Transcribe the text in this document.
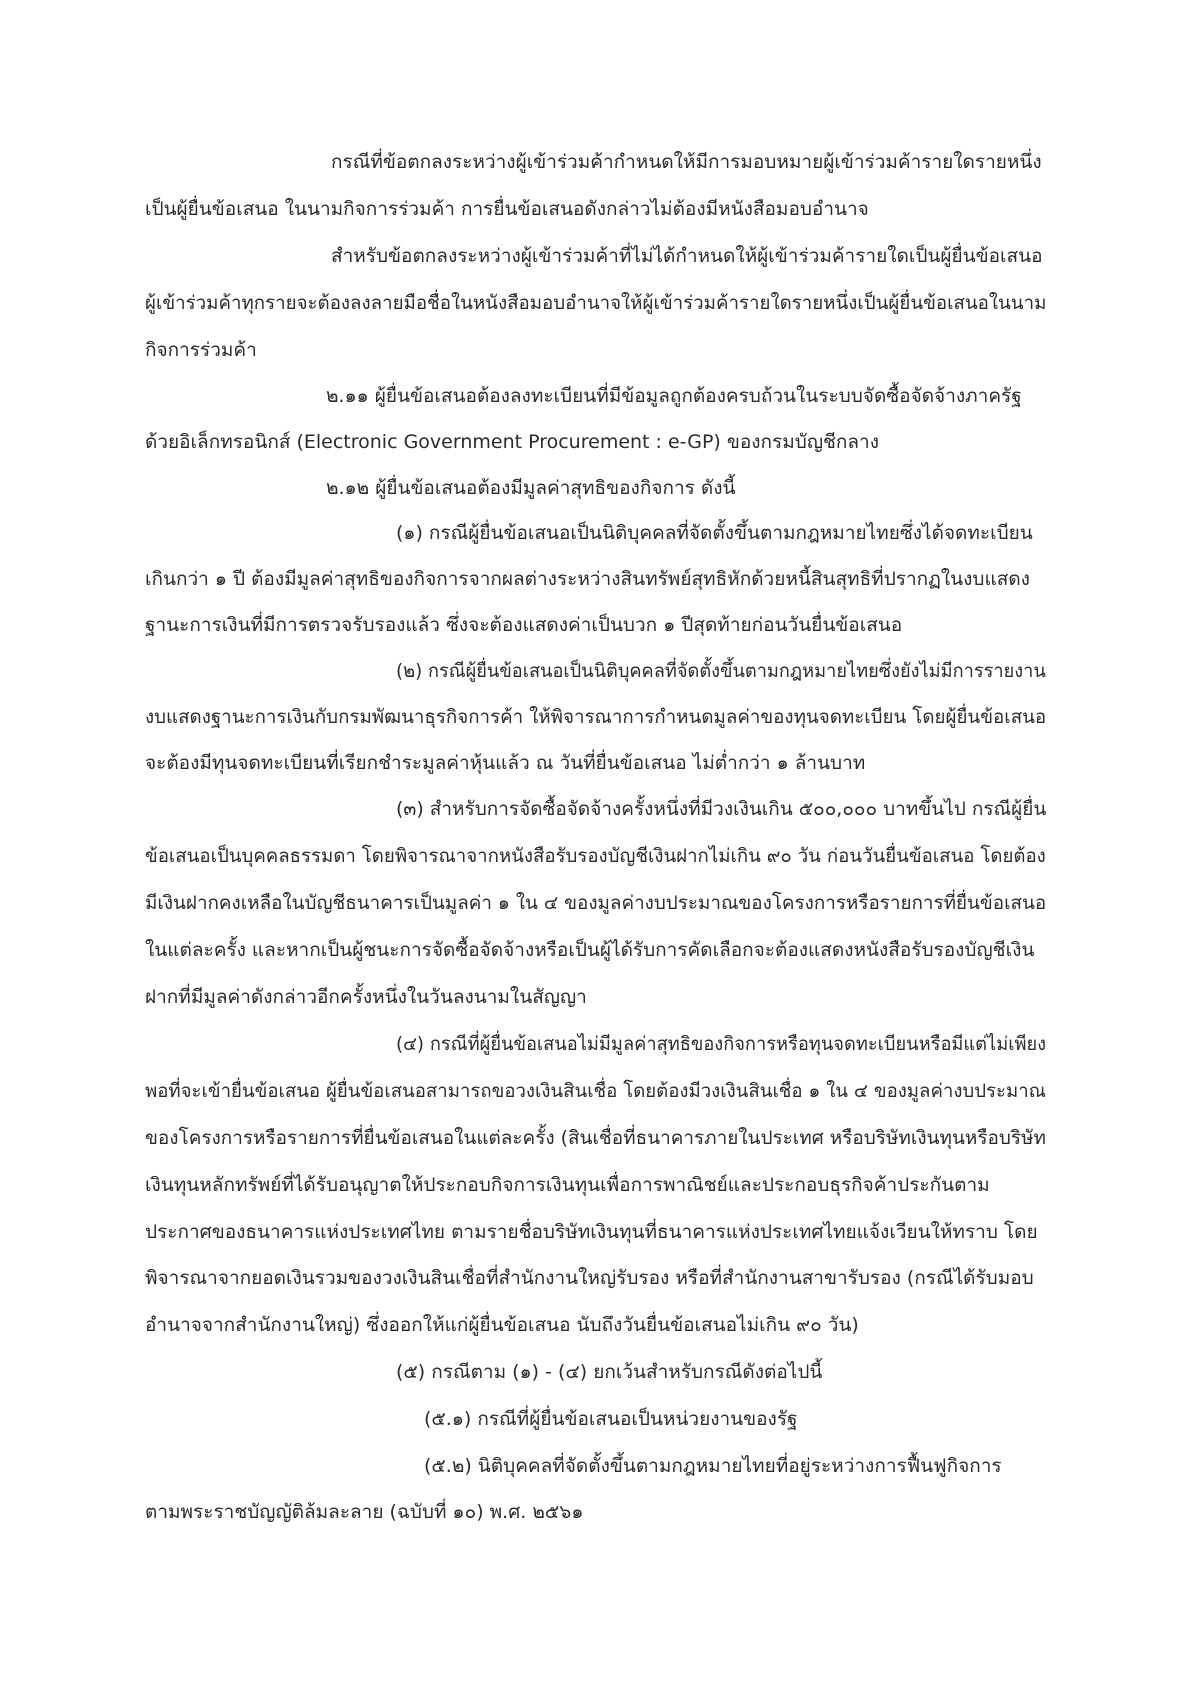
กรณีที่ข้อตกลงระหว่างผู้เข้าร่วมค้ากำหนดให้มีการมอบหมายผู้เข้าร่วมค้ารายใดรายหนึ่ง
เป็นผู้ยื่นข้อเสนอ ในนามกิจการร่วมค้า การยื่นข้อเสนอดังกล่าวไม่ต้องมีหนังสือมอบอำนาจ
สำหรับข้อตกลงระหว่างผู้เข้าร่วมค้าที่ไม่ได้กำหนดให้ผู้เข้าร่วมค้ารายใดเป็นผู้ยื่นข้อเสนอ
ผู้เข้าร่วมค้าทุกรายจะต้องลงลายมือชื่อในหนังสือมอบอำนาจให้ผู้เข้าร่วมค้ารายใดรายหนึ่งเป็นผู้ยื่นข้อเสนอในนาม
กิจการร่วมค้า
๒.๑๑ ผู้ยื่นข้อเสนอต้องลงทะเบียนที่มีข้อมูลถูกต้องครบถ้วนในระบบจัดซื้อจัดจ้างภาครัฐ
ด้วยอิเล็กทรอนิกส์ (Electronic Government Procurement : e-GP) ของกรมบัญชีกลาง
๒.๑๒ ผู้ยื่นข้อเสนอต้องมีมูลค่าสุทธิของกิจการ ดังนี้
(๑) กรณีผู้ยื่นข้อเสนอเป็นนิติบุคคลที่จัดตั้งขึ้นตามกฎหมายไทยซึ่งได้จดทะเบียน
เกินกว่า ๑ ปี ต้องมีมูลค่าสุทธิของกิจการจากผลต่างระหว่างสินทรัพย์สุทธิหักด้วยหนี้สินสุทธิที่ปรากฏในงบแสดง
ฐานะการเงินที่มีการตรวจรับรองแล้ว ซึ่งจะต้องแสดงค่าเป็นบวก ๑ ปีสุดท้ายก่อนวันยื่นข้อเสนอ
(๒) กรณีผู้ยื่นข้อเสนอเป็นนิติบุคคลที่จัดตั้งขึ้นตามกฎหมายไทยซึ่งยังไม่มีการรายงาน
งบแสดงฐานะการเงินกับกรมพัฒนาธุรกิจการค้า ให้พิจารณาการกำหนดมูลค่าของทุนจดทะเบียน โดยผู้ยื่นข้อเสนอ
จะต้องมีทุนจดทะเบียนที่เรียกชำระมูลค่าหุ้นแล้ว ณ วันที่ยื่นข้อเสนอ ไม่ต่ำกว่า ๑ ล้านบาท
(๓) สำหรับการจัดซื้อจัดจ้างครั้งหนึ่งที่มีวงเงินเกิน ๕๐๐,๐๐๐ บาทขึ้นไป กรณีผู้ยื่น
ข้อเสนอเป็นบุคคลธรรมดา โดยพิจารณาจากหนังสือรับรองบัญชีเงินฝากไม่เกิน ๙๐ วัน ก่อนวันยื่นข้อเสนอ โดยต้อง
มีเงินฝากคงเหลือในบัญชีธนาคารเป็นมูลค่า ๑ ใน ๔ ของมูลค่างบประมาณของโครงการหรือรายการที่ยื่นข้อเสนอ
ในแต่ละครั้ง และหากเป็นผู้ชนะการจัดซื้อจัดจ้างหรือเป็นผู้ได้รับการคัดเลือกจะต้องแสดงหนังสือรับรองบัญชีเงิน
ฝากที่มีมูลค่าดังกล่าวอีกครั้งหนึ่งในวันลงนามในสัญญา
(๔) กรณีที่ผู้ยื่นข้อเสนอไม่มีมูลค่าสุทธิของกิจการหรือทุนจดทะเบียนหรือมีแต่ไม่เพียง
พอที่จะเข้ายื่นข้อเสนอ ผู้ยื่นข้อเสนอสามารถขอวงเงินสินเชื่อ โดยต้องมีวงเงินสินเชื่อ ๑ ใน ๔ ของมูลค่างบประมาณ
ของโครงการหรือรายการที่ยื่นข้อเสนอในแต่ละครั้ง (สินเชื่อที่ธนาคารภายในประเทศ หรือบริษัทเงินทุนหรือบริษัท
เงินทุนหลักทรัพย์ที่ได้รับอนุญาตให้ประกอบกิจการเงินทุนเพื่อการพาณิชย์และประกอบธุรกิจค้าประกันตาม
ประกาศของธนาคารแห่งประเทศไทย ตามรายชื่อบริษัทเงินทุนที่ธนาคารแห่งประเทศไทยแจ้งเวียนให้ทราบ โดย
พิจารณาจากยอดเงินรวมของวงเงินสินเชื่อที่สำนักงานใหญ่รับรอง หรือที่สำนักงานสาขารับรอง (กรณีได้รับมอบ
อำนาจจากสำนักงานใหญ่) ซึ่งออกให้แก่ผู้ยื่นข้อเสนอ นับถึงวันยื่นข้อเสนอไม่เกิน ๙๐ วัน)
(๕) กรณีตาม (๑) - (๔) ยกเว้นสำหรับกรณีดังต่อไปนี้
(๕.๑) กรณีที่ผู้ยื่นข้อเสนอเป็นหน่วยงานของรัฐ
(๕.๒) นิติบุคคลที่จัดตั้งขึ้นตามกฎหมายไทยที่อยู่ระหว่างการฟื้นฟูกิจการ
ตามพระราชบัญญัติล้มละลาย (ฉบับที่ ๑๐) พ.ศ. ๒๕๖๑
